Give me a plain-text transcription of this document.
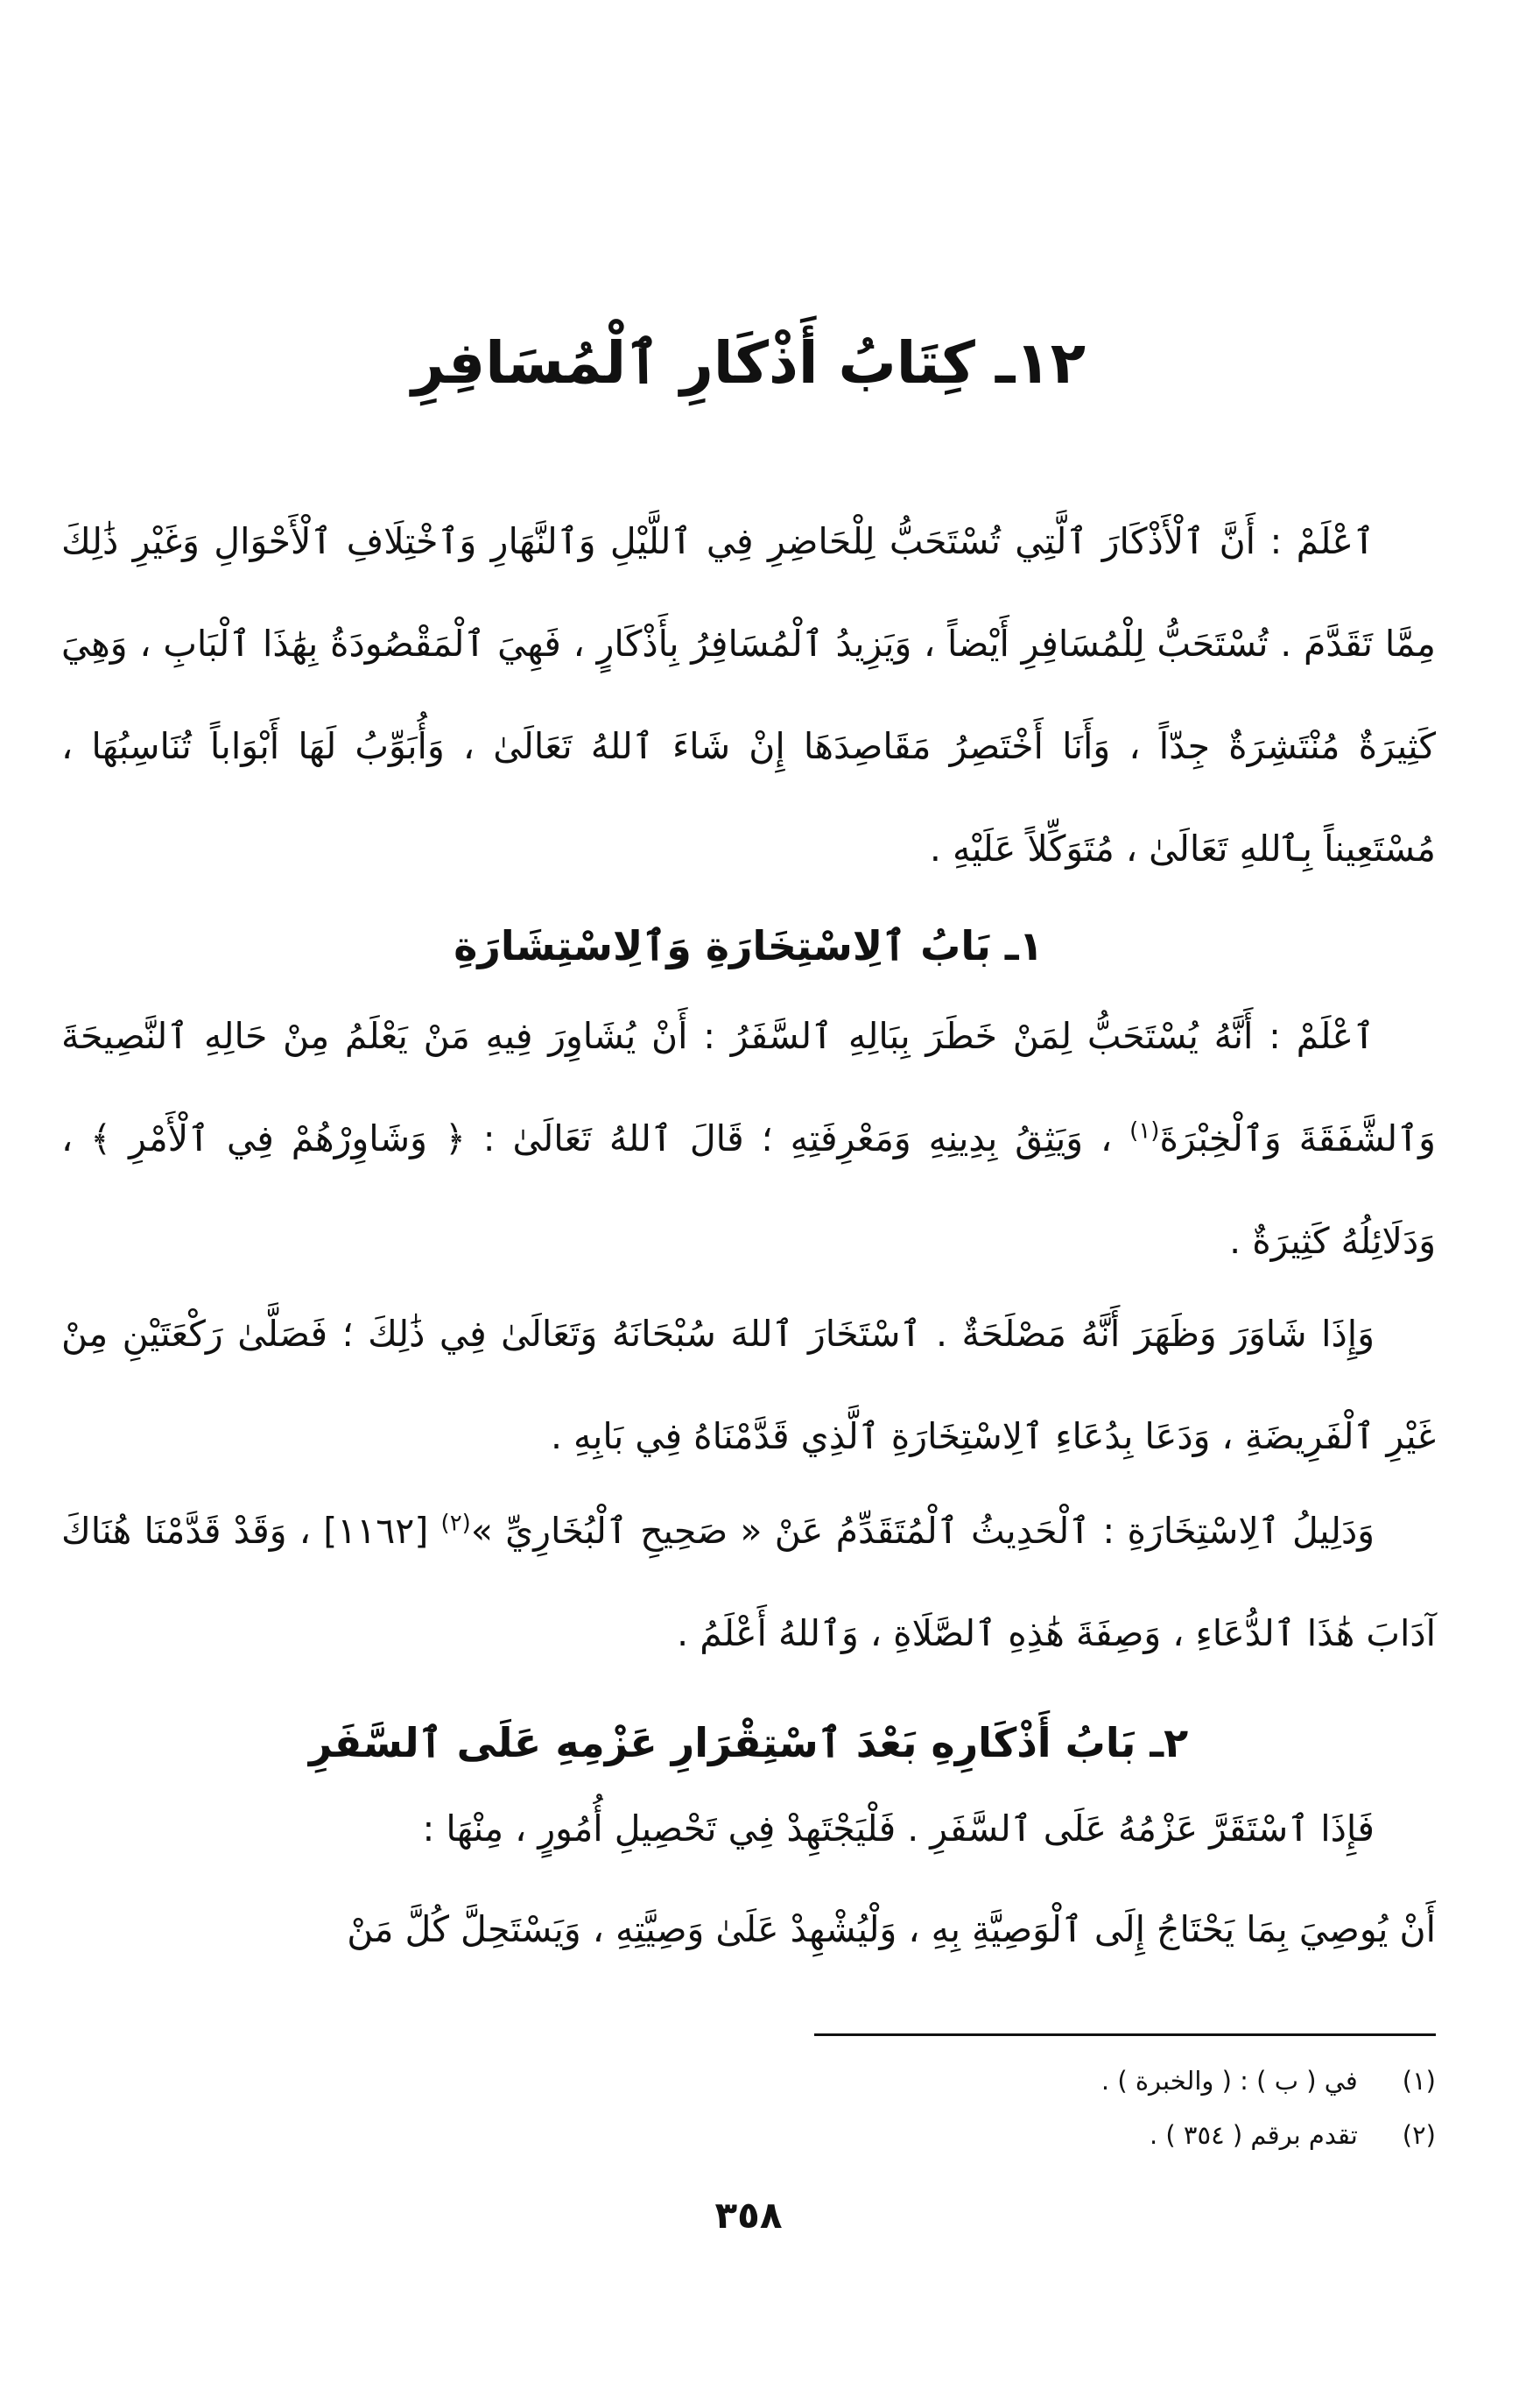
١٢ـ كِتَابُ أَذْكَارِ ٱلْمُسَافِرِ

ٱعْلَمْ : أَنَّ ٱلْأَذْكَارَ ٱلَّتِي تُسْتَحَبُّ لِلْحَاضِرِ فِي ٱللَّيْلِ وَٱلنَّهَارِ وَٱخْتِلَافِ ٱلْأَحْوَالِ وَغَيْرِ ذَٰلِكَ مِمَّا تَقَدَّمَ . تُسْتَحَبُّ لِلْمُسَافِرِ أَيْضاً ، وَيَزِيدُ ٱلْمُسَافِرُ بِأَذْكَارٍ ، فَهِيَ ٱلْمَقْصُودَةُ بِهَٰذَا ٱلْبَابِ ، وَهِيَ كَثِيرَةٌ مُنْتَشِرَةٌ جِدّاً ، وَأَنَا أَخْتَصِرُ مَقَاصِدَهَا إِنْ شَاءَ ٱللهُ تَعَالَىٰ ، وَأُبَوِّبُ لَهَا أَبْوَاباً تُنَاسِبُهَا ، مُسْتَعِيناً بِٱللهِ تَعَالَىٰ ، مُتَوَكِّلاً عَلَيْهِ .

١ـ بَابُ ٱلِاسْتِخَارَةِ وَٱلِاسْتِشَارَةِ

ٱعْلَمْ : أَنَّهُ يُسْتَحَبُّ لِمَنْ خَطَرَ بِبَالِهِ ٱلسَّفَرُ : أَنْ يُشَاوِرَ فِيهِ مَنْ يَعْلَمُ مِنْ حَالِهِ ٱلنَّصِيحَةَ وَٱلشَّفَقَةَ وَٱلْخِبْرَةَ$^{(١)}$ ، وَيَثِقُ بِدِينِهِ وَمَعْرِفَتِهِ ؛ قَالَ ٱللهُ تَعَالَىٰ : ﴿ وَشَاوِرْهُمْ فِي ٱلْأَمْرِ ﴾ ، وَدَلَائِلُهُ كَثِيرَةٌ .

وَإِذَا شَاوَرَ وَظَهَرَ أَنَّهُ مَصْلَحَةٌ . ٱسْتَخَارَ ٱللهَ سُبْحَانَهُ وَتَعَالَىٰ فِي ذَٰلِكَ ؛ فَصَلَّىٰ رَكْعَتَيْنِ مِنْ غَيْرِ ٱلْفَرِيضَةِ ، وَدَعَا بِدُعَاءِ ٱلِاسْتِخَارَةِ ٱلَّذِي قَدَّمْنَاهُ فِي بَابِهِ .

وَدَلِيلُ ٱلِاسْتِخَارَةِ : ٱلْحَدِيثُ ٱلْمُتَقَدِّمُ عَنْ « صَحِيحِ ٱلْبُخَارِيِّ »$^{(٢)}$ [١١٦٢] ، وَقَدْ قَدَّمْنَا هُنَاكَ آدَابَ هَٰذَا ٱلدُّعَاءِ ، وَصِفَةَ هَٰذِهِ ٱلصَّلَاةِ ، وَٱللهُ أَعْلَمُ .

٢ـ بَابُ أَذْكَارِهِ بَعْدَ ٱسْتِقْرَارِ عَزْمِهِ عَلَى ٱلسَّفَرِ

فَإِذَا ٱسْتَقَرَّ عَزْمُهُ عَلَى ٱلسَّفَرِ . فَلْيَجْتَهِدْ فِي تَحْصِيلِ أُمُورٍ ، مِنْهَا :

أَنْ يُوصِيَ بِمَا يَحْتَاجُ إِلَى ٱلْوَصِيَّةِ بِهِ ، وَلْيُشْهِدْ عَلَىٰ وَصِيَّتِهِ ، وَيَسْتَحِلَّ كُلَّ مَنْ

(١) في ( ب ) : ( والخبرة ) .
(٢) تقدم برقم ( ٣٥٤ ) .
٣٥٨
